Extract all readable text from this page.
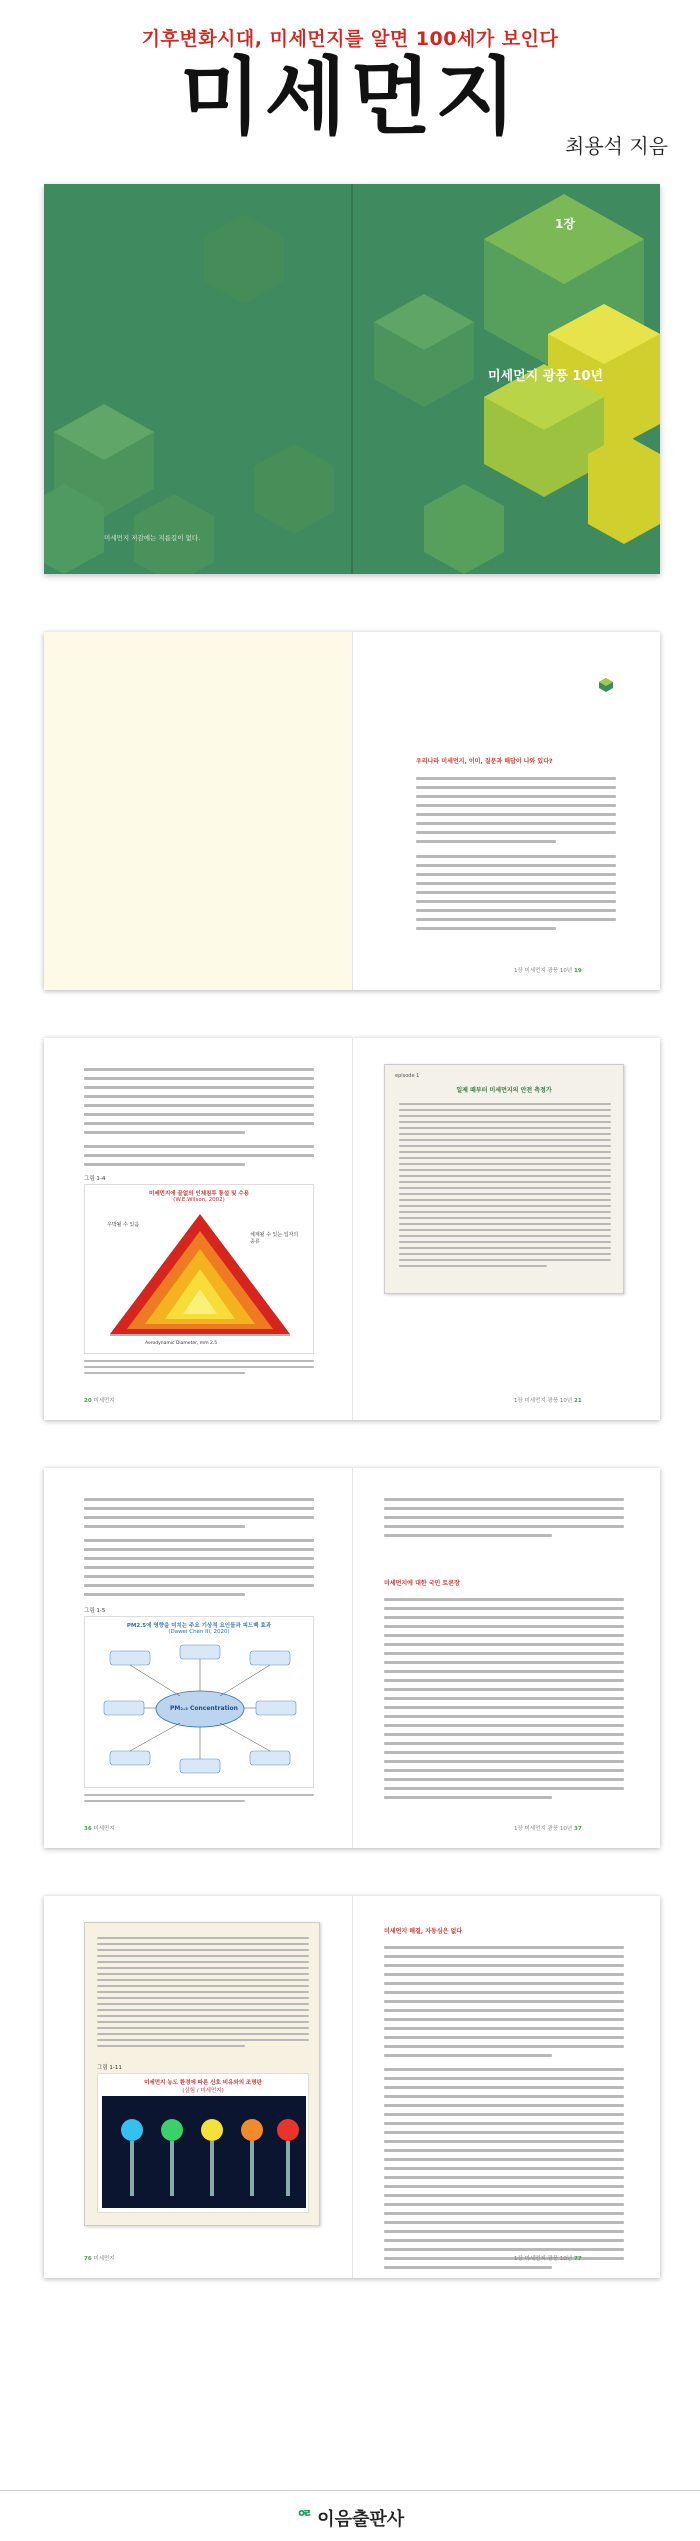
기후변화시대, 미세먼지를 알면 100세가 보인다
미세먼지	최용석 지음
1장
미세먼지 광풍 10년
미세먼지 저감에는 지름길이 없다.
우리나라 미세먼지, 이미, 질문과 해답이 나와 있다?
1장 미세먼지 광풍 10년 19
그림 1-4
미세먼지에 끝없의 인체침투 통설 및 수용
(W.E.Wilson, 2002)
우박될 수 있음
체계될 수 있는 입자의 종류
Aerodynamic Diameter, mm 2.5
20 미세먼지
episode 1
일제 때부터 미세먼지의 안전 측정가
1장 미세먼지 광풍 10년 21
그림 1-5
PM2.5에 영향을 미치는 주요 기상적 요인들과 피드백 효과
(Dawei Chen III, 2020)
PM₂.₅ Concentration
36 미세먼지
미세먼지에 대한 국민 토론장
1장 미세먼지 광풍 10년 37
그림 1-11
미세먼지 농도 환경에 따른 신호 비유와의 조명판
(실험 / 미세먼지)
76 미세먼지
미세먼지 해결, 자동심은 없다
1장 미세먼지 광풍 10년 77
ᄋᄅ 이음출판사
